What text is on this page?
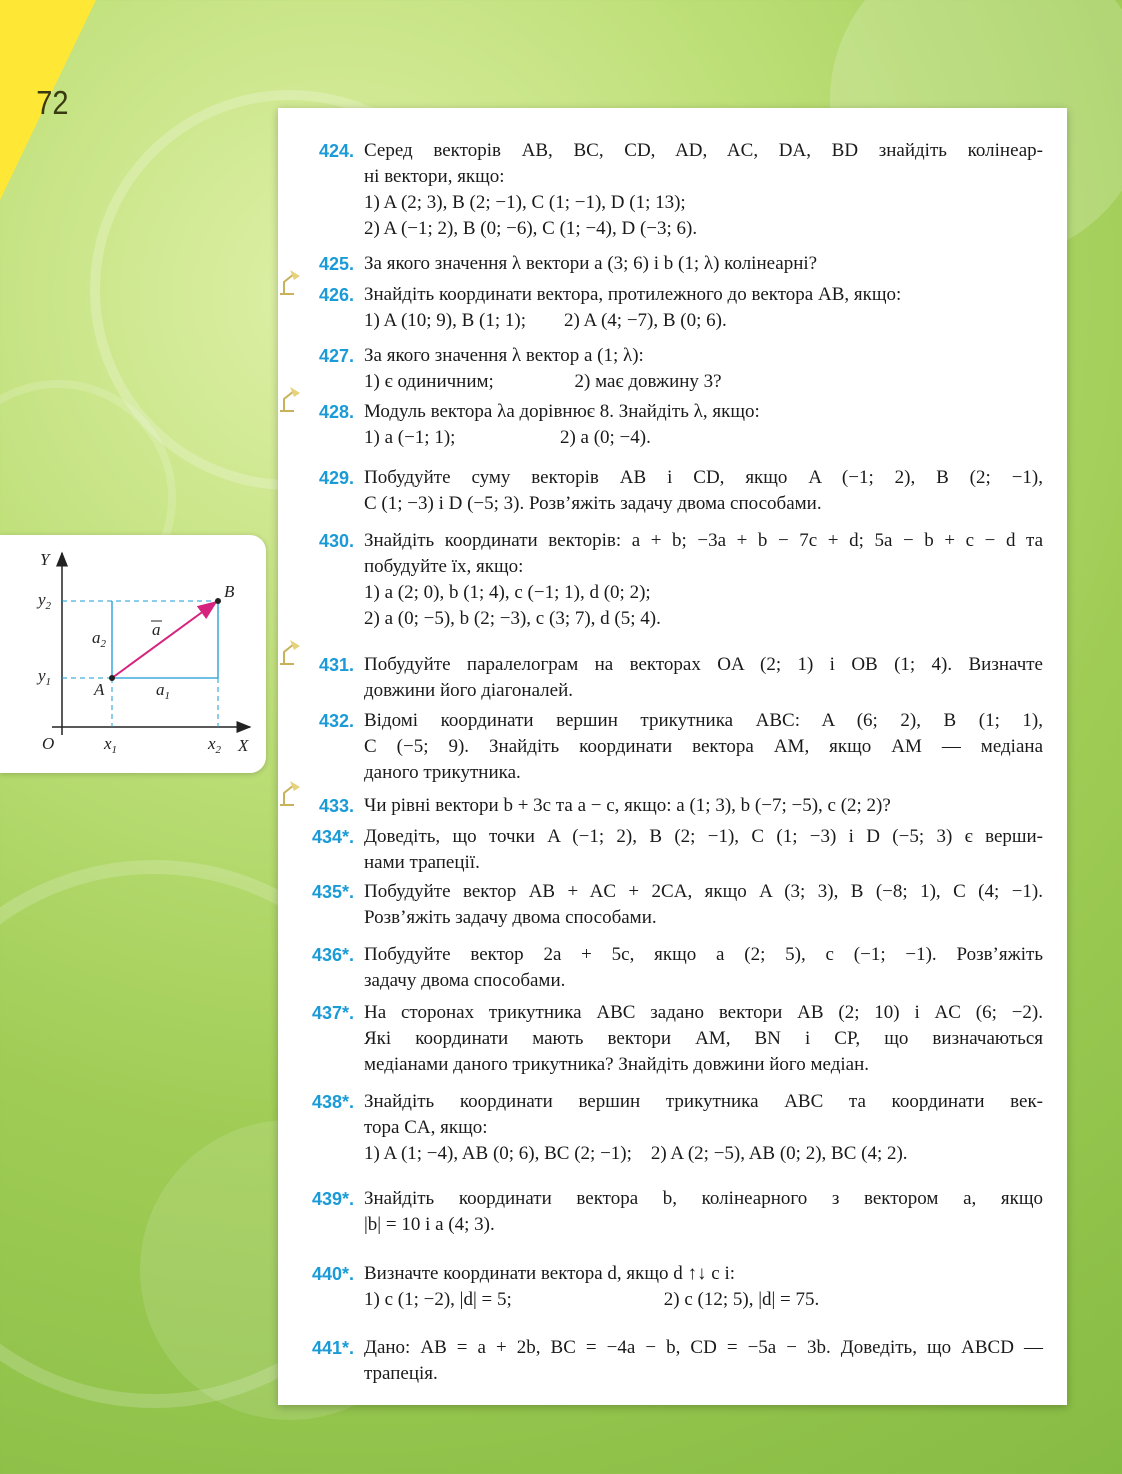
72
Y
X
O
A
B
$y_2$
$y_1$
$x_1$	$x_2$
$a_2$
$a_1$
a
424. Серед векторів AB, BC, CD, AD, AC, DA, BD знайдіть колінеар-
ні вектори, якщо:
1) A (2; 3), B (2; −1), C (1; −1), D (1; 13);
2) A (−1; 2), B (0; −6), C (1; −4), D (−3; 6).
425. За якого значення λ вектори a (3; 6) і b (1; λ) колінеарні?
426. Знайдіть координати вектора, протилежного до вектора AB, якщо:
1) A (10; 9), B (1; 1);        2) A (4; −7), B (0; 6).
427. За якого значення λ вектор a (1; λ):
1) є одиничним;                 2) має довжину 3?
428. Модуль вектора λa дорівнює 8. Знайдіть λ, якщо:
1) a (−1; 1);                      2) a (0; −4).
429. Побудуйте суму векторів AB і CD, якщо A (−1; 2), B (2; −1),
C (1; −3) і D (−5; 3). Розв’яжіть задачу двома способами.
430. Знайдіть координати векторів: a + b; −3a + b − 7c + d; 5a − b + c − d та
побудуйте їх, якщо:
1) a (2; 0), b (1; 4), c (−1; 1), d (0; 2);
2) a (0; −5), b (2; −3), c (3; 7), d (5; 4).
431. Побудуйте паралелограм на векторах OA (2; 1) і OB (1; 4). Визначте
довжини його діагоналей.
432. Відомі координати вершин трикутника ABC: A (6; 2), B (1; 1),
C (−5; 9). Знайдіть координати вектора AM, якщо AM — медіана
даного трикутника.
433. Чи рівні вектори b + 3c та a − c, якщо: a (1; 3), b (−7; −5), c (2; 2)?
434*. Доведіть, що точки A (−1; 2), B (2; −1), C (1; −3) і D (−5; 3) є верши-
нами трапеції.
435*. Побудуйте вектор AB + AC + 2CA, якщо A (3; 3), B (−8; 1), C (4; −1).
Розв’яжіть задачу двома способами.
436*. Побудуйте вектор 2a + 5c, якщо a (2; 5), c (−1; −1). Розв’яжіть
задачу двома способами.
437*. На сторонах трикутника ABC задано вектори AB (2; 10) і AC (6; −2).
Які координати мають вектори AM, BN і CP, що визначаються
медіанами даного трикутника? Знайдіть довжини його медіан.
438*. Знайдіть координати вершин трикутника ABC та координати век-
тора CA, якщо:
1) A (1; −4), AB (0; 6), BC (2; −1);    2) A (2; −5), AB (0; 2), BC (4; 2).
439*. Знайдіть координати вектора b, колінеарного з вектором a, якщо
|b| = 10 і a (4; 3).
440*. Визначте координати вектора d, якщо d ↑↓ c і:
1) c (1; −2), |d| = 5;                                2) c (12; 5), |d| = 75.
441*. Дано: AB = a + 2b, BC = −4a − b, CD = −5a − 3b. Доведіть, що ABCD —
трапеція.
